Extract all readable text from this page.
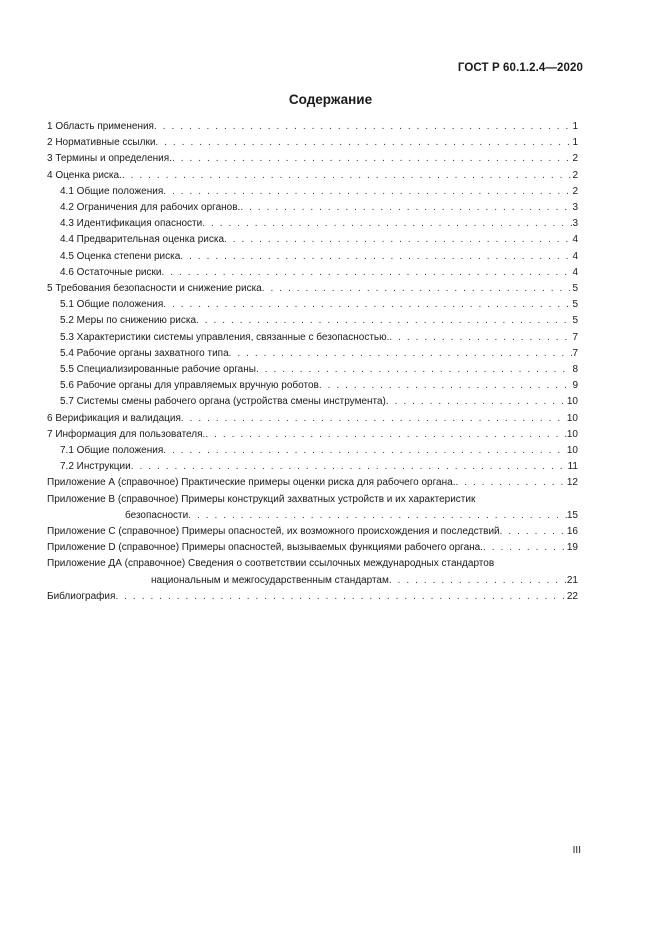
ГОСТ Р 60.1.2.4—2020
Содержание
1 Область применения . . .	1
2 Нормативные ссылки . . .	1
3 Термины и определения. . . .	2
4 Оценка риска. . . .	2
4.1 Общие положения . . .	2
4.2 Ограничения для рабочих органов. . . .	3
4.3 Идентификация опасности . . .	3
4.4 Предварительная оценка риска . . .	4
4.5 Оценка степени риска . . .	4
4.6 Остаточные риски . . .	4
5 Требования безопасности и снижение риска . . .	5
5.1 Общие положения . . .	5
5.2 Меры по снижению риска . . .	5
5.3 Характеристики системы управления, связанные с безопасностью. . . .	7
5.4 Рабочие органы захватного типа . . .	7
5.5 Специализированные рабочие органы . . .	8
5.6 Рабочие органы для управляемых вручную роботов . . .	9
5.7 Системы смены рабочего органа (устройства смены инструмента) . . .	10
6 Верификация и валидация . . .	10
7 Информация для пользователя. . . .	10
7.1 Общие положения . . .	10
7.2 Инструкции . . .	11
Приложение А (справочное) Практические примеры оценки риска для рабочего органа. . . .	12
Приложение В (справочное) Примеры конструкций захватных устройств и их характеристик
безопасности . . .	15
Приложение С (справочное) Примеры опасностей, их возможного происхождения и последствий . . .	16
Приложение D (справочное) Примеры опасностей, вызываемых функциями рабочего органа. . . .	19
Приложение ДА (справочное) Сведения о соответствии ссылочных международных стандартов
национальным и межгосударственным стандартам . . .	21
Библиография . . .	22
III
